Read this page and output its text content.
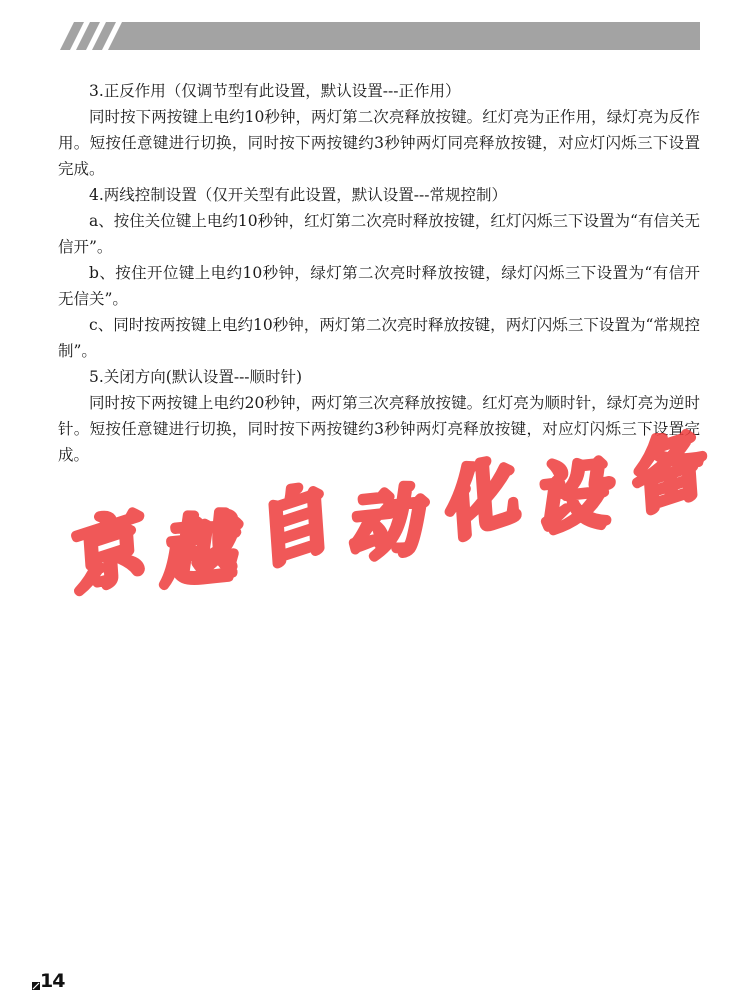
3.正反作用（仅调节型有此设置，默认设置---正作用）

同时按下两按键上电约10秒钟，两灯第二次亮释放按键。红灯亮为正作用，绿灯亮为反作用。短按任意键进行切换，同时按下两按键约3秒钟两灯同亮释放按键，对应灯闪烁三下设置完成。

4.两线控制设置（仅开关型有此设置，默认设置---常规控制）

a、按住关位键上电约10秒钟，红灯第二次亮时释放按键，红灯闪烁三下设置为“有信关无信开”。

b、按住开位键上电约10秒钟，绿灯第二次亮时释放按键，绿灯闪烁三下设置为“有信开无信关”。

c、同时按两按键上电约10秒钟，两灯第二次亮时释放按键，两灯闪烁三下设置为“常规控制”。

5.关闭方向(默认设置---顺时针)

同时按下两按键上电约20秒钟，两灯第三次亮释放按键。红灯亮为顺时针，绿灯亮为逆时针。短按任意键进行切换，同时按下两按键约3秒钟两灯亮释放按键，对应灯闪烁三下设置完成。

京 越 自 动 化 设 备
14
